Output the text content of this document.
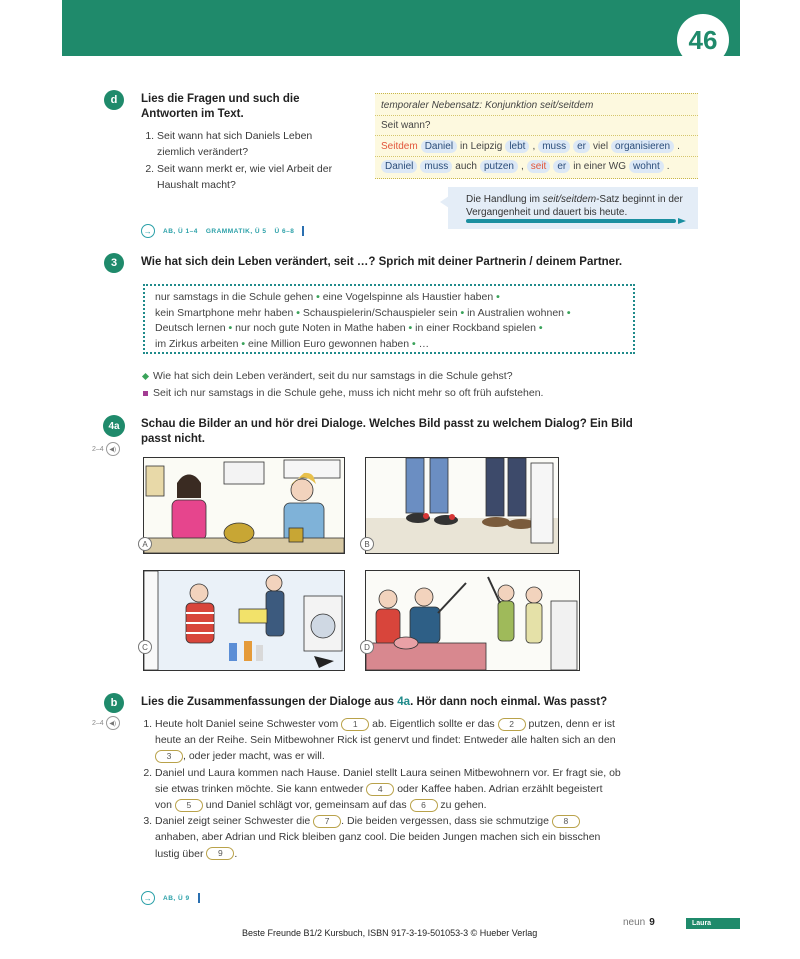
46
d	Lies die Fragen und such die Antworten im Text.
1. Seit wann hat sich Daniels Leben ziemlich verändert?
2. Seit wann merkt er, wie viel Arbeit der Haushalt macht?
→	AB, Ü 1–4 GRAMMATIK, Ü 5 Ü 6–8
temporaler Nebensatz: Konjunktion seit/seitdem
Seit wann?
Seitdem Daniel in Leipzig lebt , muss	er viel organisieren .
Daniel	muss auch putzen , seit	er in einer WG wohnt .
Die Handlung im seit/seitdem-Satz beginnt in der Vergangenheit und dauert bis heute.
3	Wie hat sich dein Leben verändert, seit …? Sprich mit deiner Partnerin / deinem Partner.
nur samstags in die Schule gehen • eine Vogelspinne als Haustier haben •
kein Smartphone mehr haben • Schauspielerin/Schauspieler sein • in Australien wohnen •
Deutsch lernen • nur noch gute Noten in Mathe haben • in einer Rockband spielen •
im Zirkus arbeiten • eine Million Euro gewonnen haben • …
Wie hat sich dein Leben verändert, seit du nur samstags in die Schule gehst?
Seit ich nur samstags in die Schule gehe, muss ich nicht mehr so oft früh aufstehen.
4a
2–4 ◀)
Schau die Bilder an und hör drei Dialoge. Welches Bild passt zu welchem Dialog? Ein Bild passt nicht.
A	B
C	D
b
2–4 ◀)
Lies die Zusammenfassungen der Dialoge aus 4a. Hör dann noch einmal. Was passt?
1. Heute holt Daniel seine Schwester vom 1 ab. Eigentlich sollte er das 2 putzen, denn er ist heute an der Reihe. Sein Mitbewohner Rick ist genervt und findet: Entweder alle halten sich an den 3 , oder jeder macht, was er will.
2. Daniel und Laura kommen nach Hause. Daniel stellt Laura seinen Mitbewohnern vor. Er fragt sie, ob sie etwas trinken möchte. Sie kann entweder 4 oder Kaffee haben. Adrian erzählt begeistert von 5 und Daniel schlägt vor, gemeinsam auf das 6 zu gehen.
3. Daniel zeigt seiner Schwester die 7 . Die beiden vergessen, dass sie schmutzige 8 anhaben, aber Adrian und Rick bleiben ganz cool. Die beiden Jungen machen sich ein bisschen lustig über 9 .
→	AB, Ü 9
Beste Freunde B1/2 Kursbuch, ISBN 917-3-19-501053-3 © Hueber Verlag
neun 9	Laura
